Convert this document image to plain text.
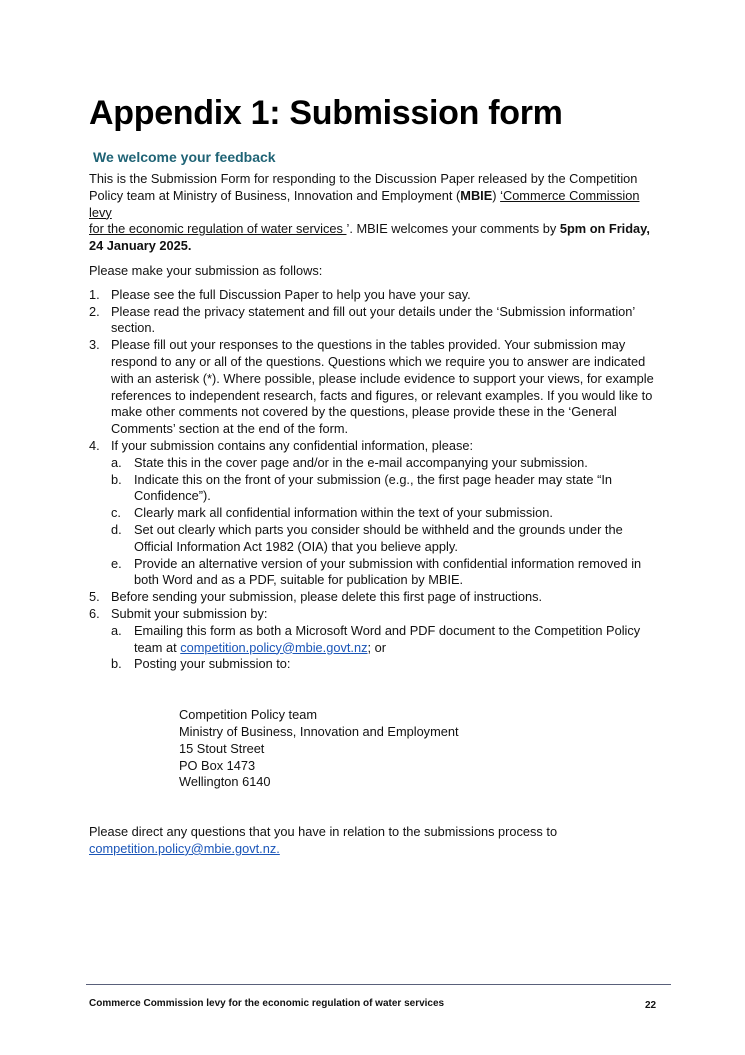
Appendix 1: Submission form
We welcome your feedback

This is the Submission Form for responding to the Discussion Paper released by the Competition
Policy team at Ministry of Business, Innovation and Employment (MBIE) ‘Commerce Commission levy
for the economic regulation of water services ’. MBIE welcomes your comments by 5pm on Friday,
24 January 2025.

Please make your submission as follows:

1. Please see the full Discussion Paper to help you have your say.
2. Please read the privacy statement and fill out your details under the ‘Submission information’ section.
3. Please fill out your responses to the questions in the tables provided. Your submission may respond to any or all of the questions. Questions which we require you to answer are indicated with an asterisk (*). Where possible, please include evidence to support your views, for example references to independent research, facts and figures, or relevant examples. If you would like to make other comments not covered by the questions, please provide these in the ‘General Comments’ section at the end of the form.
4. If your submission contains any confidential information, please:
a. State this in the cover page and/or in the e-mail accompanying your submission.
b. Indicate this on the front of your submission (e.g., the first page header may state “In Confidence”).
c. Clearly mark all confidential information within the text of your submission.
d. Set out clearly which parts you consider should be withheld and the grounds under the Official Information Act 1982 (OIA) that you believe apply.
e. Provide an alternative version of your submission with confidential information removed in both Word and as a PDF, suitable for publication by MBIE.
5. Before sending your submission, please delete this first page of instructions.
6. Submit your submission by:
a. Emailing this form as both a Microsoft Word and PDF document to the Competition Policy team at competition.policy@mbie.govt.nz; or
b. Posting your submission to:
Competition Policy team
Ministry of Business, Innovation and Employment
15 Stout Street
PO Box 1473
Wellington 6140
Please direct any questions that you have in relation to the submissions process to
competition.policy@mbie.govt.nz.
Commerce Commission levy for the economic regulation of water services	22
